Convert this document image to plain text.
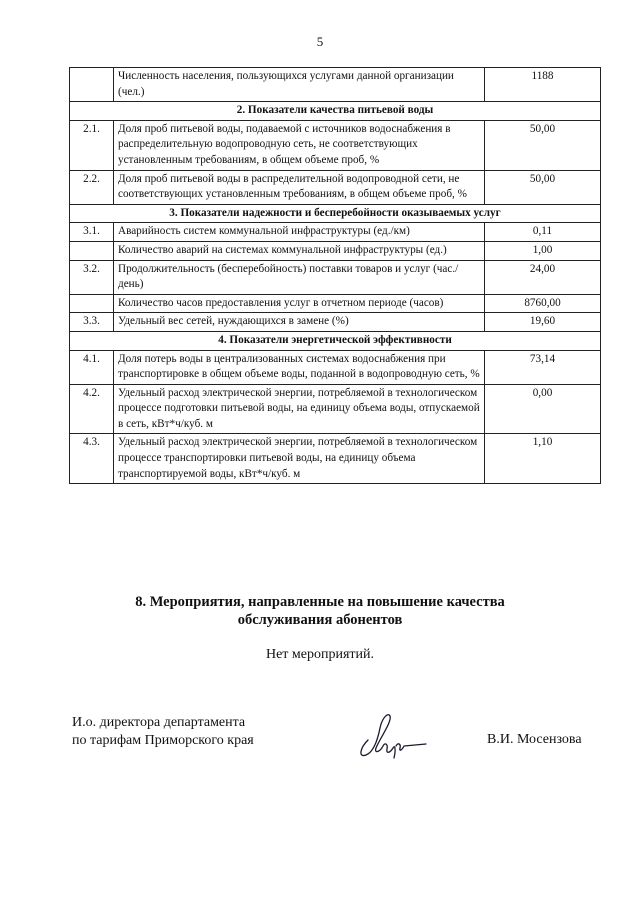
5
	Численность населения, пользующихся услугами данной организации (чел.)	1188
2. Показатели качества питьевой воды		
2.1.	Доля проб питьевой воды, подаваемой с источников водоснабжения в распределительную водопроводную сеть, не соответствующих установленным требованиям, в общем объеме проб, %	50,00
2.2.	Доля проб питьевой воды в распределительной водопроводной сети, не соответствующих установленным требованиям, в общем объеме проб, %	50,00
3. Показатели надежности и бесперебойности оказываемых услуг		
3.1.	Аварийность систем коммунальной инфраструктуры (ед./км)	0,11
	Количество аварий на системах коммунальной инфраструктуры (ед.)	1,00
3.2.	Продолжительность (бесперебойность) поставки товаров и услуг (час./день)	24,00
	Количество часов предоставления услуг в отчетном периоде (часов)	8760,00
3.3.	Удельный вес сетей, нуждающихся в замене (%)	19,60
4. Показатели энергетической эффективности		
4.1.	Доля потерь воды в централизованных системах водоснабжения при транспортировке в общем объеме воды, поданной в водопроводную сеть, %	73,14
4.2.	Удельный расход электрической энергии, потребляемой в технологическом процессе подготовки питьевой воды, на единицу объема воды, отпускаемой в сеть, кВт*ч/куб. м	0,00
4.3.	Удельный расход электрической энергии, потребляемой в технологическом процессе транспортировки питьевой воды, на единицу объема транспортируемой воды, кВт*ч/куб. м	1,10
8. Мероприятия, направленные на повышение качества
обслуживания абонентов
Нет мероприятий.
И.о. директора департамента
по тарифам Приморского края	В.И. Мосензова
